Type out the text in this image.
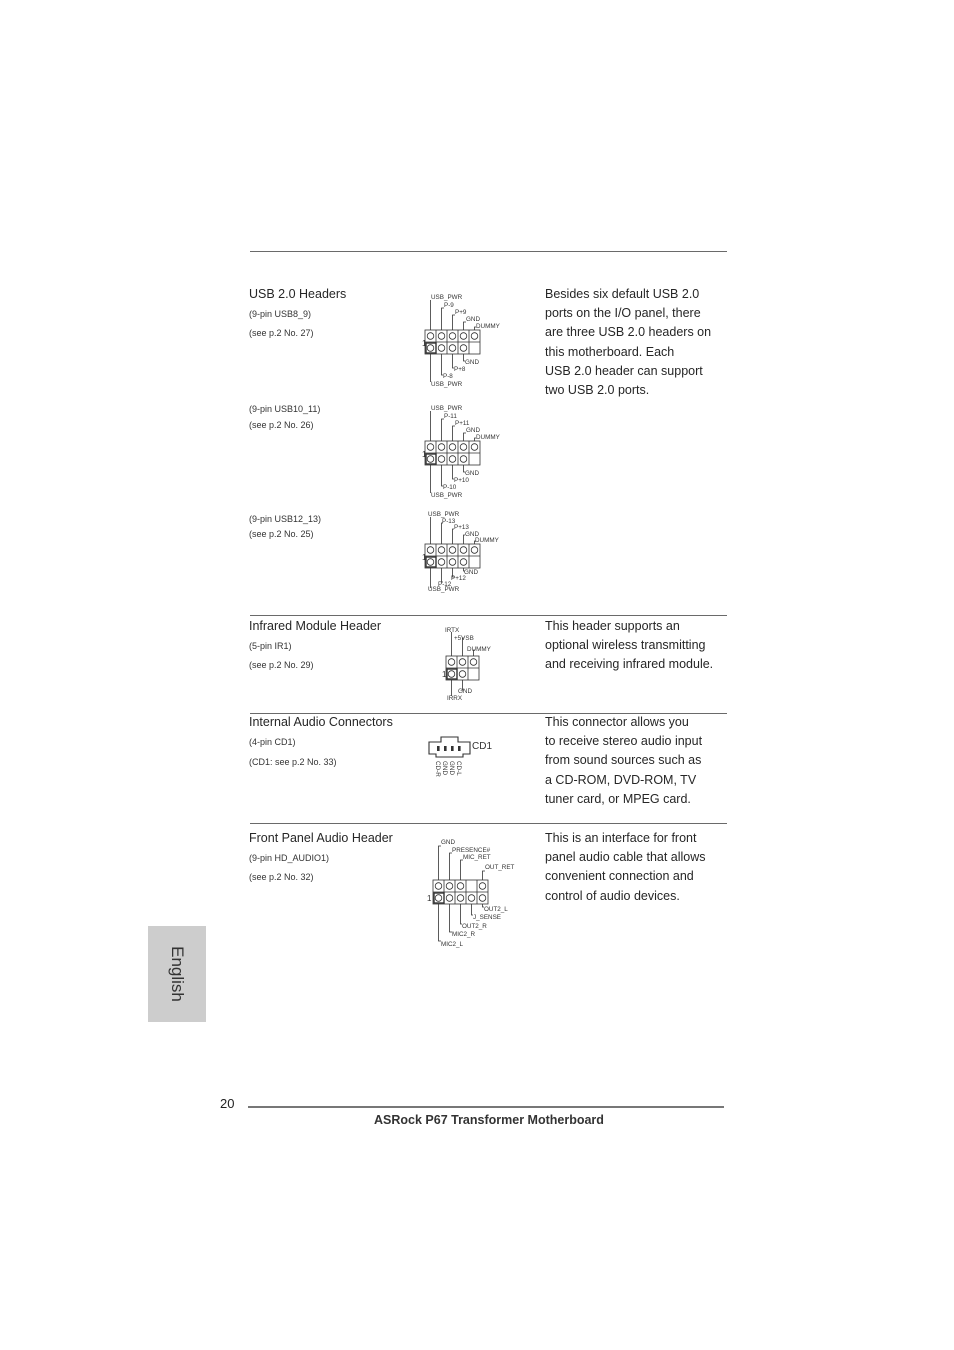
USB 2.0 Headers
(9-pin USB8_9)
(see p.2 No. 27)
(9-pin USB10_11)
(see p.2 No. 26)
(9-pin USB12_13)
(see p.2 No. 25)
Besides six default USB 2.0
ports on the I/O panel, there
are three USB 2.0 headers on
this motherboard. Each
USB 2.0 header can support
two USB 2.0 ports.
1
USB_PWR
P-9
P+9
GND
DUMMY
GND
P+8
P-8
USB_PWR
1
USB_PWR
P-11
P+11
GND
DUMMY
GND
P+10
P-10
USB_PWR
1
USB_PWR
P-13
P+13
GND
DUMMY
GND
P+12
P-12
USB_PWR
Infrared Module Header
(5-pin IR1)
(see p.2 No. 29)
This header supports an
optional wireless transmitting
and receiving infrared module.
1
IRTX
+5VSB
DUMMY
GND
IRRX
Internal Audio Connectors
(4-pin CD1)
(CD1: see p.2 No. 33)
This connector allows you
to receive stereo audio input
from sound sources such as
a CD-ROM, DVD-ROM, TV
tuner card, or MPEG card.
CD1
CD-R GND GND CD-L
Front Panel Audio Header
(9-pin HD_AUDIO1)
(see p.2 No. 32)
This is an interface for front
panel audio cable that allows
convenient connection and
control of audio devices.
1
GND
PRESENCE#
MIC_RET
OUT_RET
OUT2_L
J_SENSE
OUT2_R
MIC2_R
MIC2_L
English
20
ASRock P67 Transformer Motherboard
